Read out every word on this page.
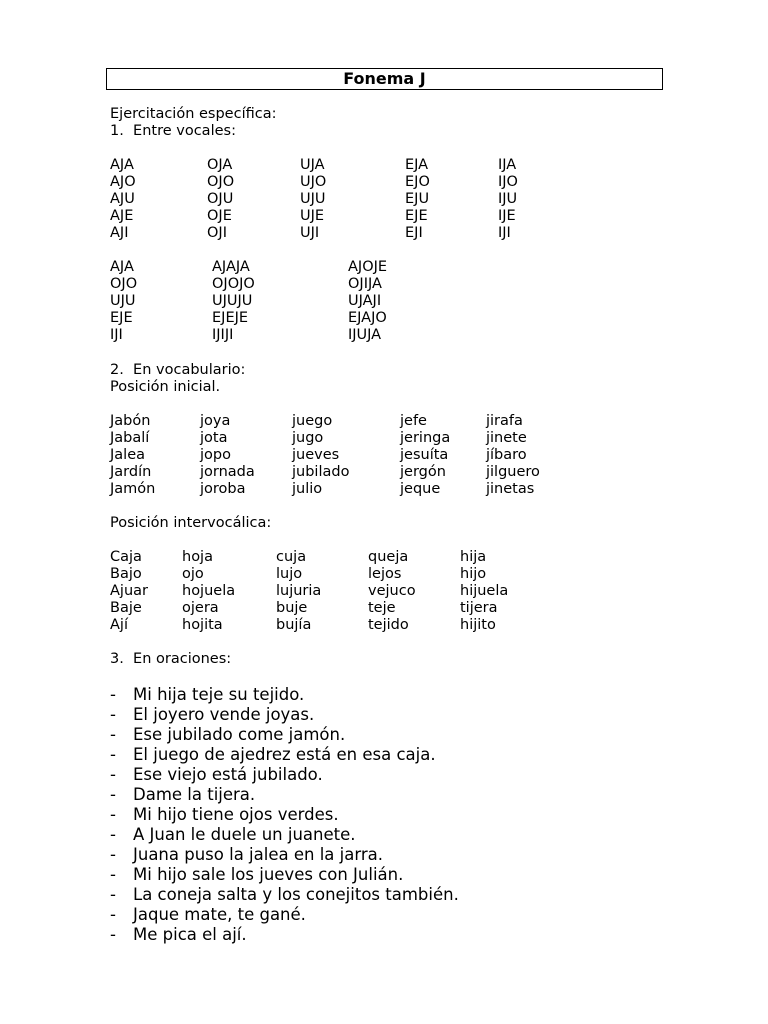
Fonema J
Ejercitación específica:
1.  Entre vocales:
AJA	OJA	UJA	EJA	IJA
AJO	OJO	UJO	EJO	IJO
AJU	OJU	UJU	EJU	IJU
AJE	OJE	UJE	EJE	IJE
AJI	OJI	UJI	EJI	IJI
AJA	AJAJA	AJOJE
OJO	OJOJO	OJIJA
UJU	UJUJU	UJAJI
EJE	EJEJE	EJAJO
IJI	IJIJI	IJUJA
2.  En vocabulario:
Posición inicial.
Jabón	joya	juego	jefe	jirafa
Jabalí	jota	jugo	jeringa jinete
Jalea	jopo	jueves	jesuíta	jíbaro
Jardín	jornada	jubilado	jergón	jilguero
Jamón	joroba	julio	jeque	jinetas
Posición intervocálica:
Caja	hoja	cuja	queja	hija
Bajo	ojo	lujo	lejos	hijo
Ajuar hojuela	lujuria	vejuco	hijuela
Baje	ojera	buje	teje	tijera
Ají	hojita	bujía	tejido	hijito
3.  En oraciones:
- Mi hija teje su tejido.
- El joyero vende joyas.
- Ese jubilado come jamón.
- El juego de ajedrez está en esa caja.
- Ese viejo está jubilado.
- Dame la tijera.
- Mi hijo tiene ojos verdes.
- A Juan le duele un juanete.
- Juana puso la jalea en la jarra.
- Mi hijo sale los jueves con Julián.
- La coneja salta y los conejitos también.
- Jaque mate, te gané.
- Me pica el ají.
